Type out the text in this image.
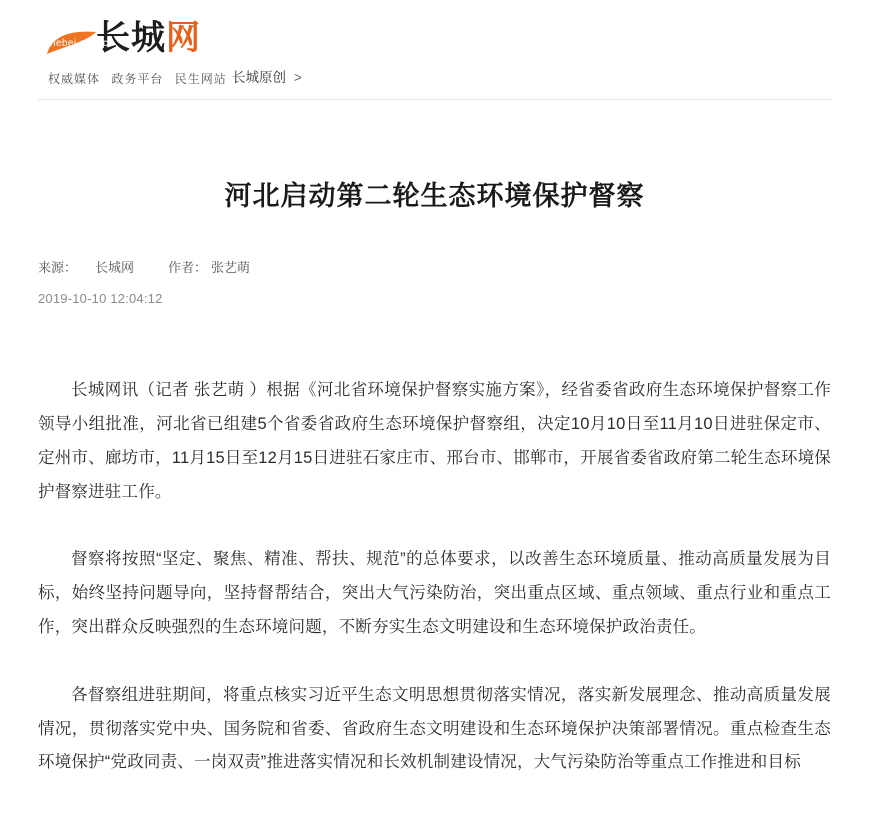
hebei.com.cn
长城网
权威媒体 政务平台 民生网站 长城原创 >
河北启动第二轮生态环境保护督察
来源： 长城网	作者： 张艺萌
2019-10-10 12:04:12

长城网讯（记者 张艺萌 ）根据《河北省环境保护督察实施方案》，经省委省政府生态环境保护督察工作领导小组批准，河北省已组建5个省委省政府生态环境保护督察组，决定10月10日至11月10日进驻保定市、定州市、廊坊市，11月15日至12月15日进驻石家庄市、邢台市、邯郸市，开展省委省政府第二轮生态环境保护督察进驻工作。

督察将按照“坚定、聚焦、精准、帮扶、规范”的总体要求，以改善生态环境质量、推动高质量发展为目标，始终坚持问题导向，坚持督帮结合，突出大气污染防治，突出重点区域、重点领域、重点行业和重点工作，突出群众反映强烈的生态环境问题，不断夯实生态文明建设和生态环境保护政治责任。

各督察组进驻期间，将重点核实习近平生态文明思想贯彻落实情况，落实新发展理念、推动高质量发展情况，贯彻落实党中央、国务院和省委、省政府生态文明建设和生态环境保护决策部署情况。重点检查生态环境保护“党政同责、一岗双责”推进落实情况和长效机制建设情况，大气污染防治等重点工作推进和目标
